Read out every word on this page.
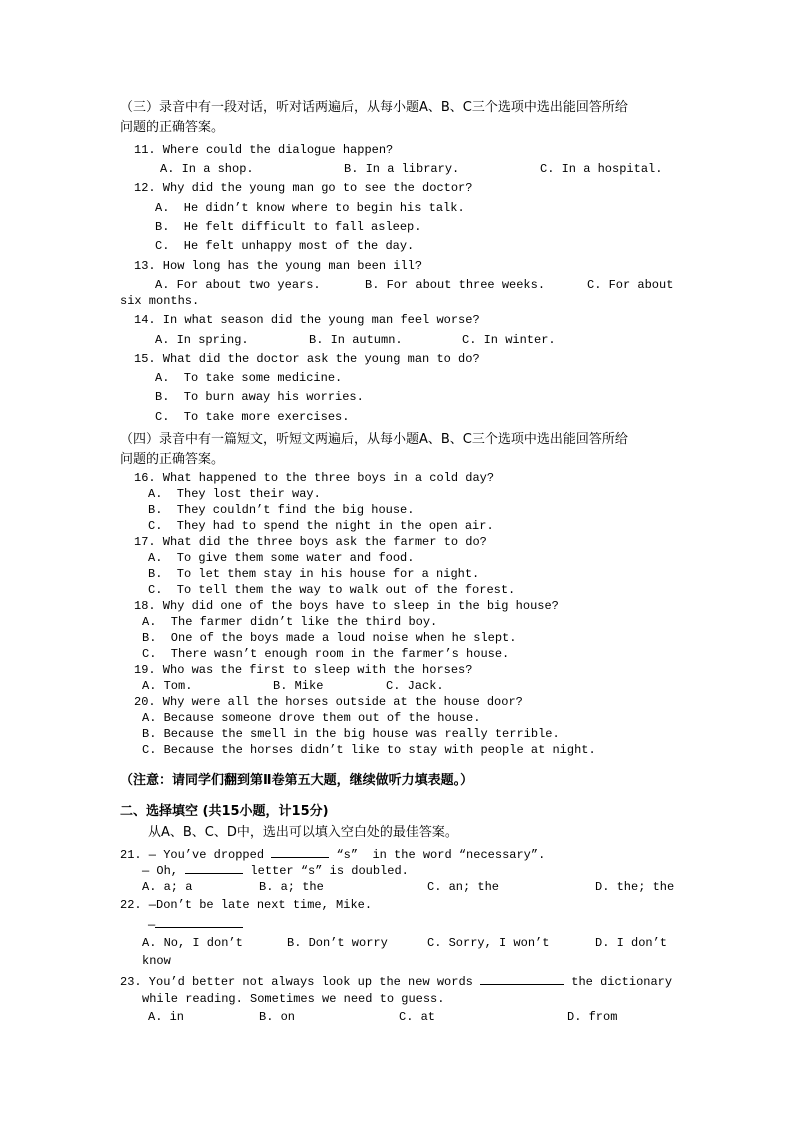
（三）录音中有一段对话，听对话两遍后，从每小题A、B、C三个选项中选出能回答所给
问题的正确答案。
11. Where could the dialogue happen?
A. In a shop.	B. In a library.	C. In a hospital.
12. Why did the young man go to see the doctor?
A.  He didn’t know where to begin his talk.
B.  He felt difficult to fall asleep.
C.  He felt unhappy most of the day.
13. How long has the young man been ill?
A. For about two years.	B. For about three weeks.	C. For about
six months.
14. In what season did the young man feel worse?
A. In spring.	B. In autumn.	C. In winter.
15. What did the doctor ask the young man to do?
A.  To take some medicine.
B.  To burn away his worries.
C.  To take more exercises.
（四）录音中有一篇短文，听短文两遍后，从每小题A、B、C三个选项中选出能回答所给
问题的正确答案。
16. What happened to the three boys in a cold day?
A.  They lost their way.
B.  They couldn’t find the big house.
C.  They had to spend the night in the open air.
17. What did the three boys ask the farmer to do?
A.  To give them some water and food.
B.  To let them stay in his house for a night.
C.  To tell them the way to walk out of the forest.
18. Why did one of the boys have to sleep in the big house?
A.  The farmer didn’t like the third boy.
B.  One of the boys made a loud noise when he slept.
C.  There wasn’t enough room in the farmer’s house.
19. Who was the first to sleep with the horses?
A. Tom.	B. Mike	C. Jack.
20. Why were all the horses outside at the house door?
A. Because someone drove them out of the house.
B. Because the smell in the big house was really terrible.
C. Because the horses didn’t like to stay with people at night.
（注意：请同学们翻到第Ⅱ卷第五大题，继续做听力填表题。）
二、选择填空 (共15小题，计15分)
从A、B、C、D中，选出可以填入空白处的最佳答案。
21. — You’ve dropped	“s”  in the word “necessary”.
— Oh,	letter “s” is doubled.
A. a; a	B. a; the	C. an; the	D. the; the
22. —Don’t be late next time, Mike.
—
A. No, I don’t	B. Don’t worry	C. Sorry, I won’t	D. I don’t
know
23. You’d better not always look up the new words	the dictionary
while reading. Sometimes we need to guess.
A. in	B. on	C. at	D. from
